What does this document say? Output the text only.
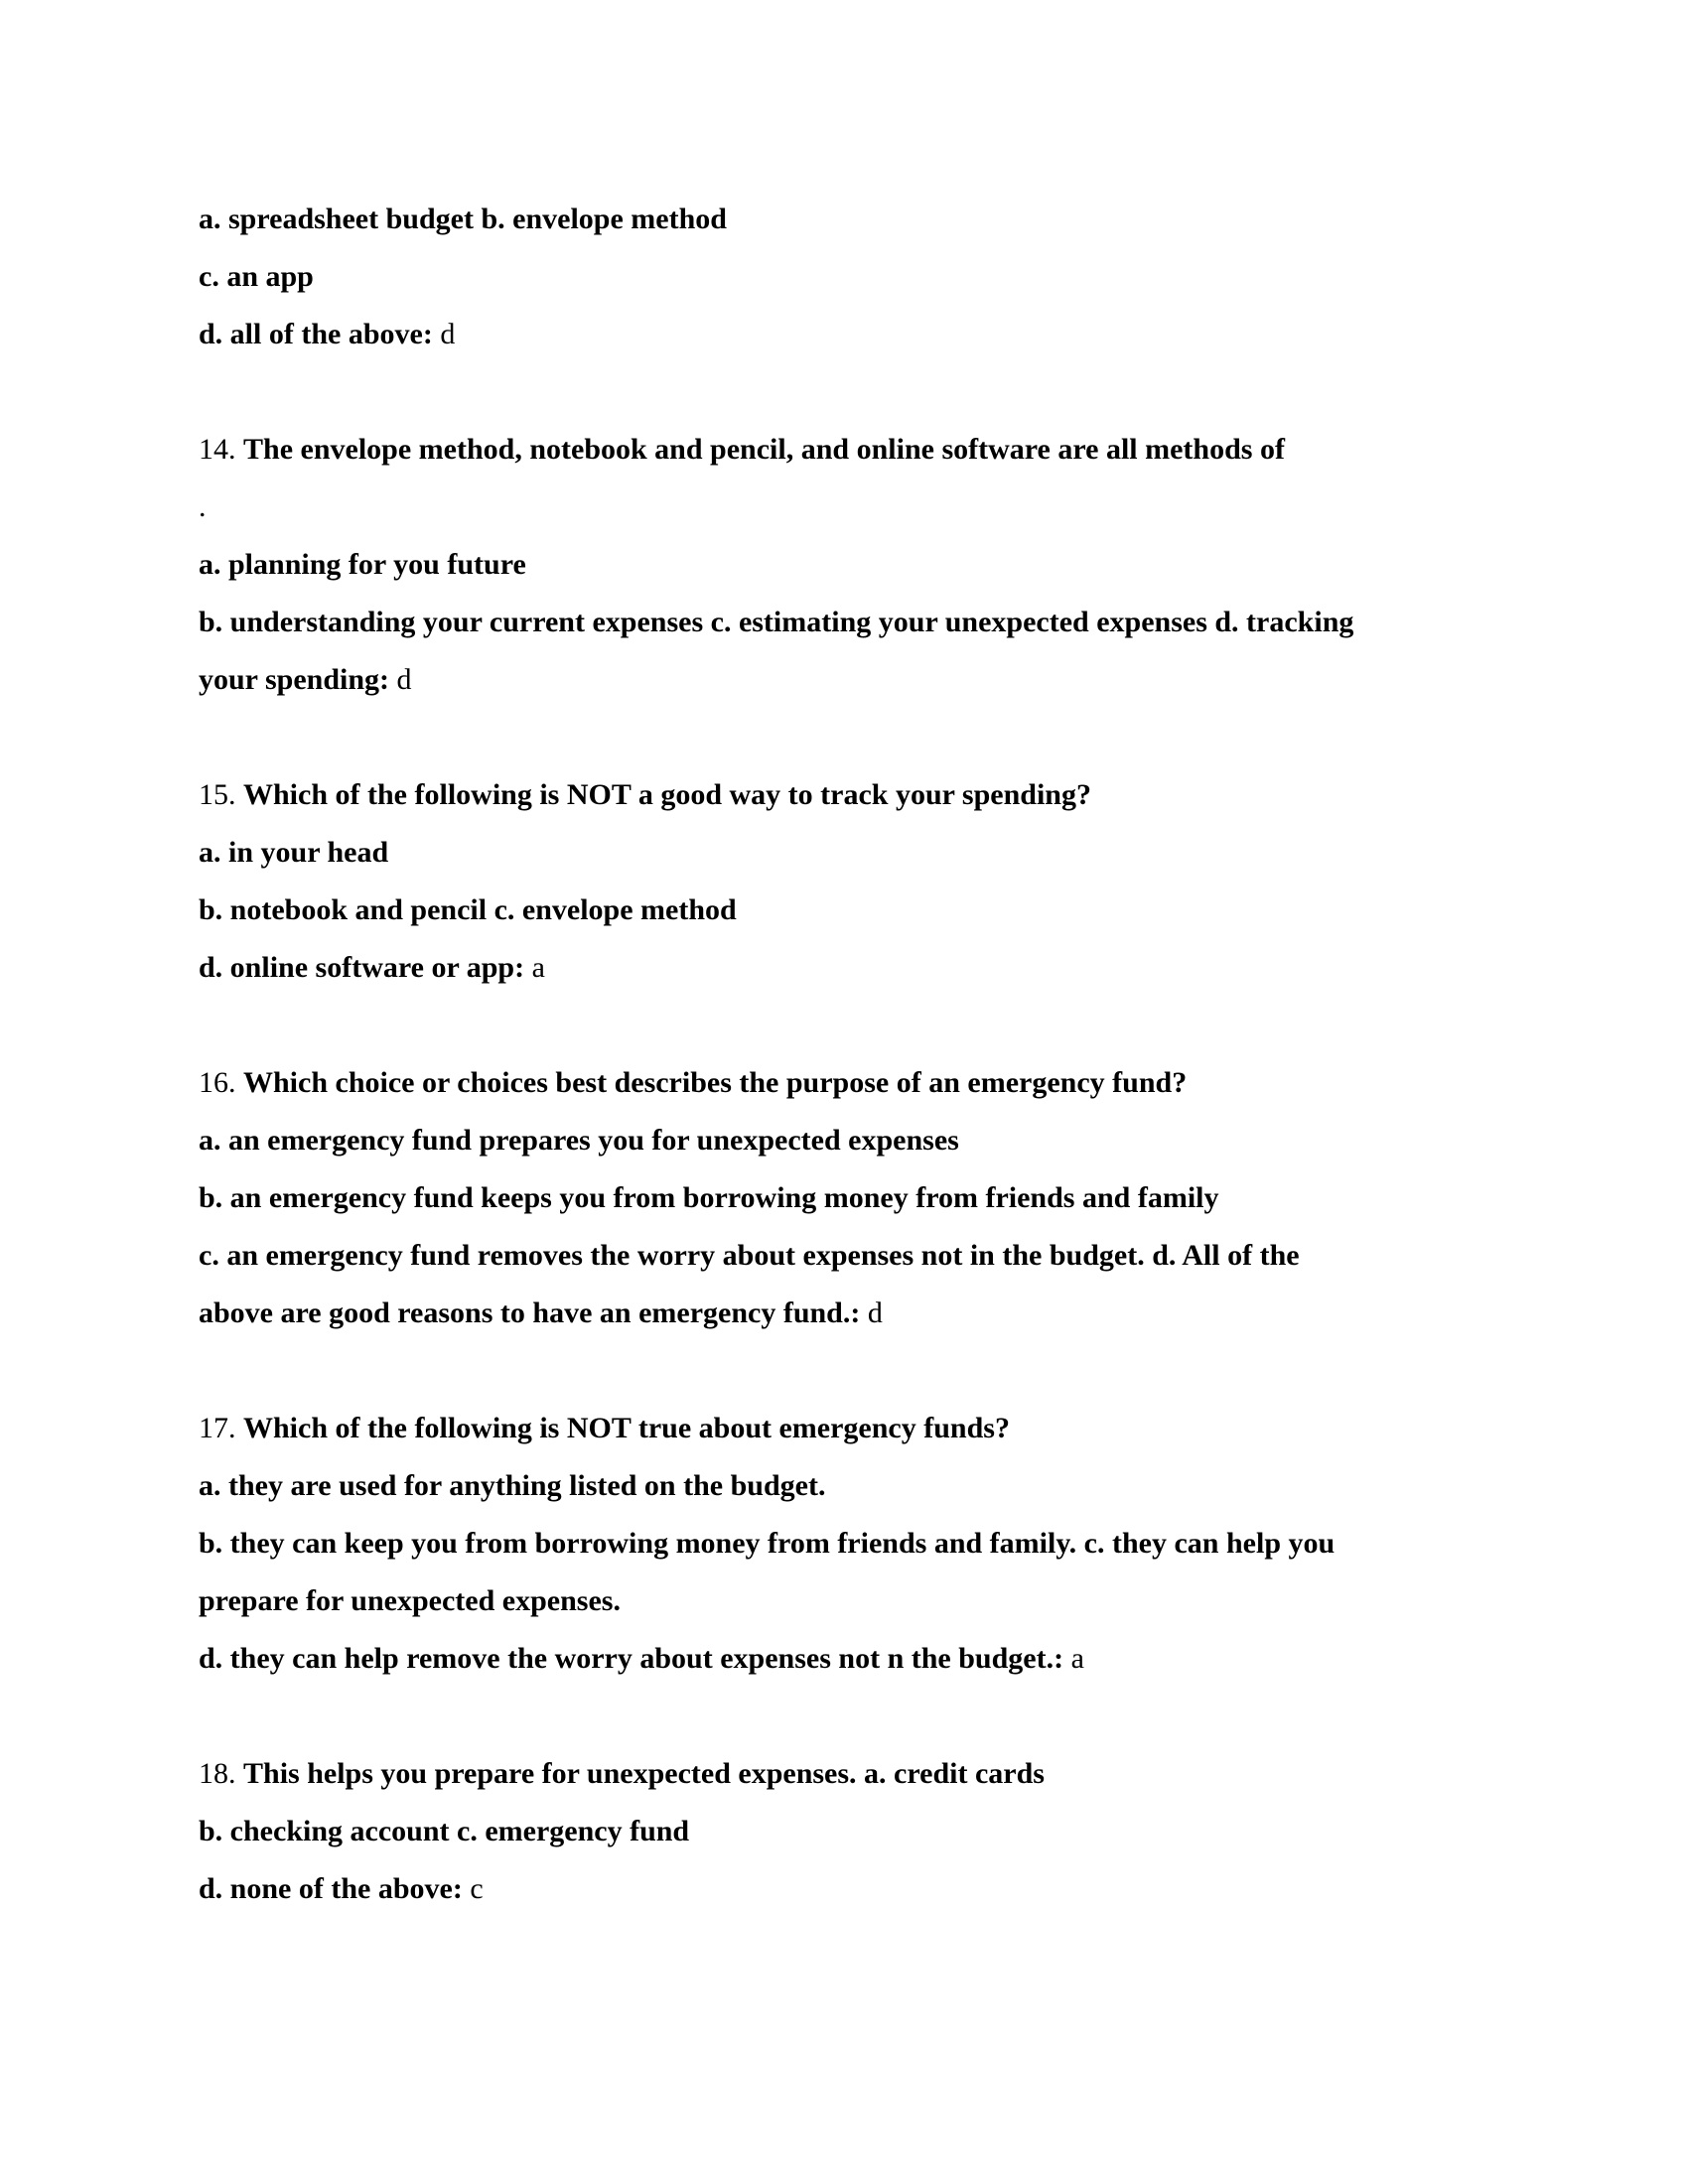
a. spreadsheet budget b. envelope method
c. an app
d. all of the above: d
14. The envelope method, notebook and pencil, and online software are all methods of
.
a. planning for you future
b. understanding your current expenses c. estimating your unexpected expenses d. tracking
your spending: d
15. Which of the following is NOT a good way to track your spending?
a. in your head
b. notebook and pencil c. envelope method
d. online software or app: a
16. Which choice or choices best describes the purpose of an emergency fund?
a. an emergency fund prepares you for unexpected expenses
b. an emergency fund keeps you from borrowing money from friends and family
c. an emergency fund removes the worry about expenses not in the budget. d. All of the
above are good reasons to have an emergency fund.: d
17. Which of the following is NOT true about emergency funds?
a. they are used for anything listed on the budget.
b. they can keep you from borrowing money from friends and family. c. they can help you
prepare for unexpected expenses.
d. they can help remove the worry about expenses not n the budget.: a
18. This helps you prepare for unexpected expenses. a. credit cards
b. checking account c. emergency fund
d. none of the above: c
